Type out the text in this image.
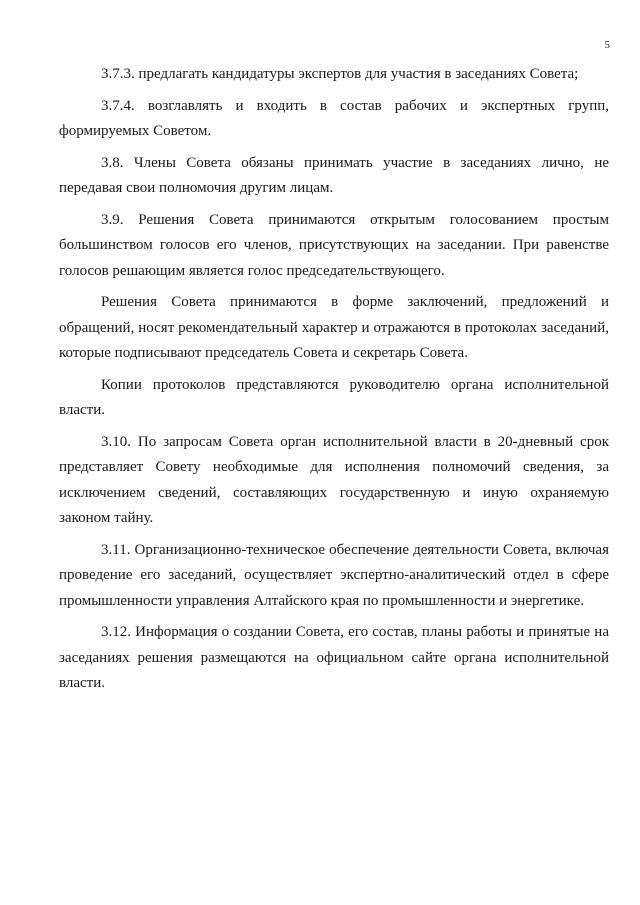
5

3.7.3. предлагать кандидатуры экспертов для участия в заседаниях Совета;

3.7.4. возглавлять и входить в состав рабочих и экспертных групп, формируемых Советом.

3.8. Члены Совета обязаны принимать участие в заседаниях лично, не передавая свои полномочия другим лицам.

3.9. Решения Совета принимаются открытым голосованием простым большинством голосов его членов, присутствующих на заседании. При равенстве голосов решающим является голос председательствующего.

Решения Совета принимаются в форме заключений, предложений и обращений, носят рекомендательный характер и отражаются в протоколах заседаний, которые подписывают председатель Совета и секретарь Совета.

Копии протоколов представляются руководителю органа исполнительной власти.

3.10. По запросам Совета орган исполнительной власти в 20-дневный срок представляет Совету необходимые для исполнения полномочий сведения, за исключением сведений, составляющих государственную и иную охраняемую законом тайну.

3.11. Организационно-техническое обеспечение деятельности Совета, включая проведение его заседаний, осуществляет экспертно-аналитический отдел в сфере промышленности управления Алтайского края по промышленности и энергетике.

3.12. Информация о создании Совета, его состав, планы работы и принятые на заседаниях решения размещаются на официальном сайте органа исполнительной власти.
